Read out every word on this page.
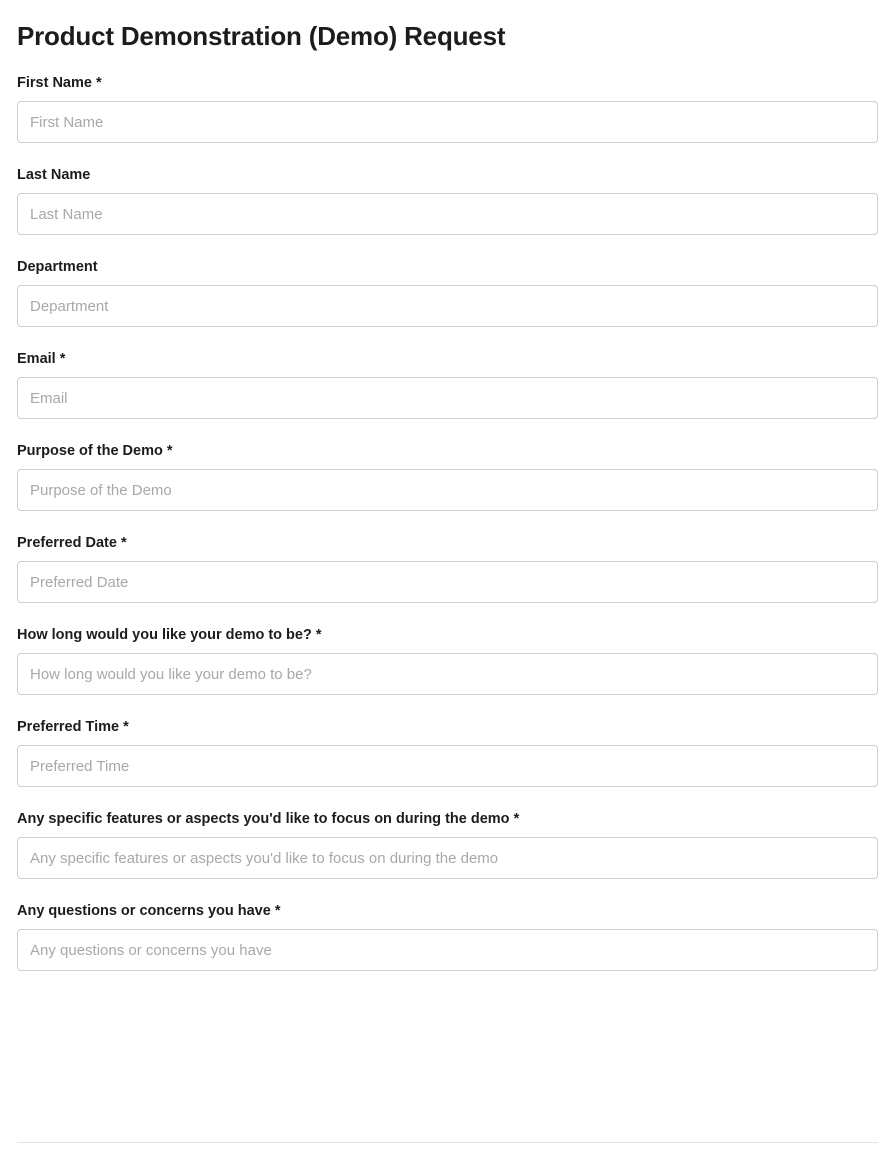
Product Demonstration (Demo) Request
First Name *
First Name
Last Name
Last Name
Department
Department
Email *
Email
Purpose of the Demo *
Purpose of the Demo
Preferred Date *
Preferred Date
How long would you like your demo to be? *
How long would you like your demo to be?
Preferred Time *
Preferred Time
Any specific features or aspects you'd like to focus on during the demo *
Any specific features or aspects you'd like to focus on during the demo
Any questions or concerns you have *
Any questions or concerns you have
